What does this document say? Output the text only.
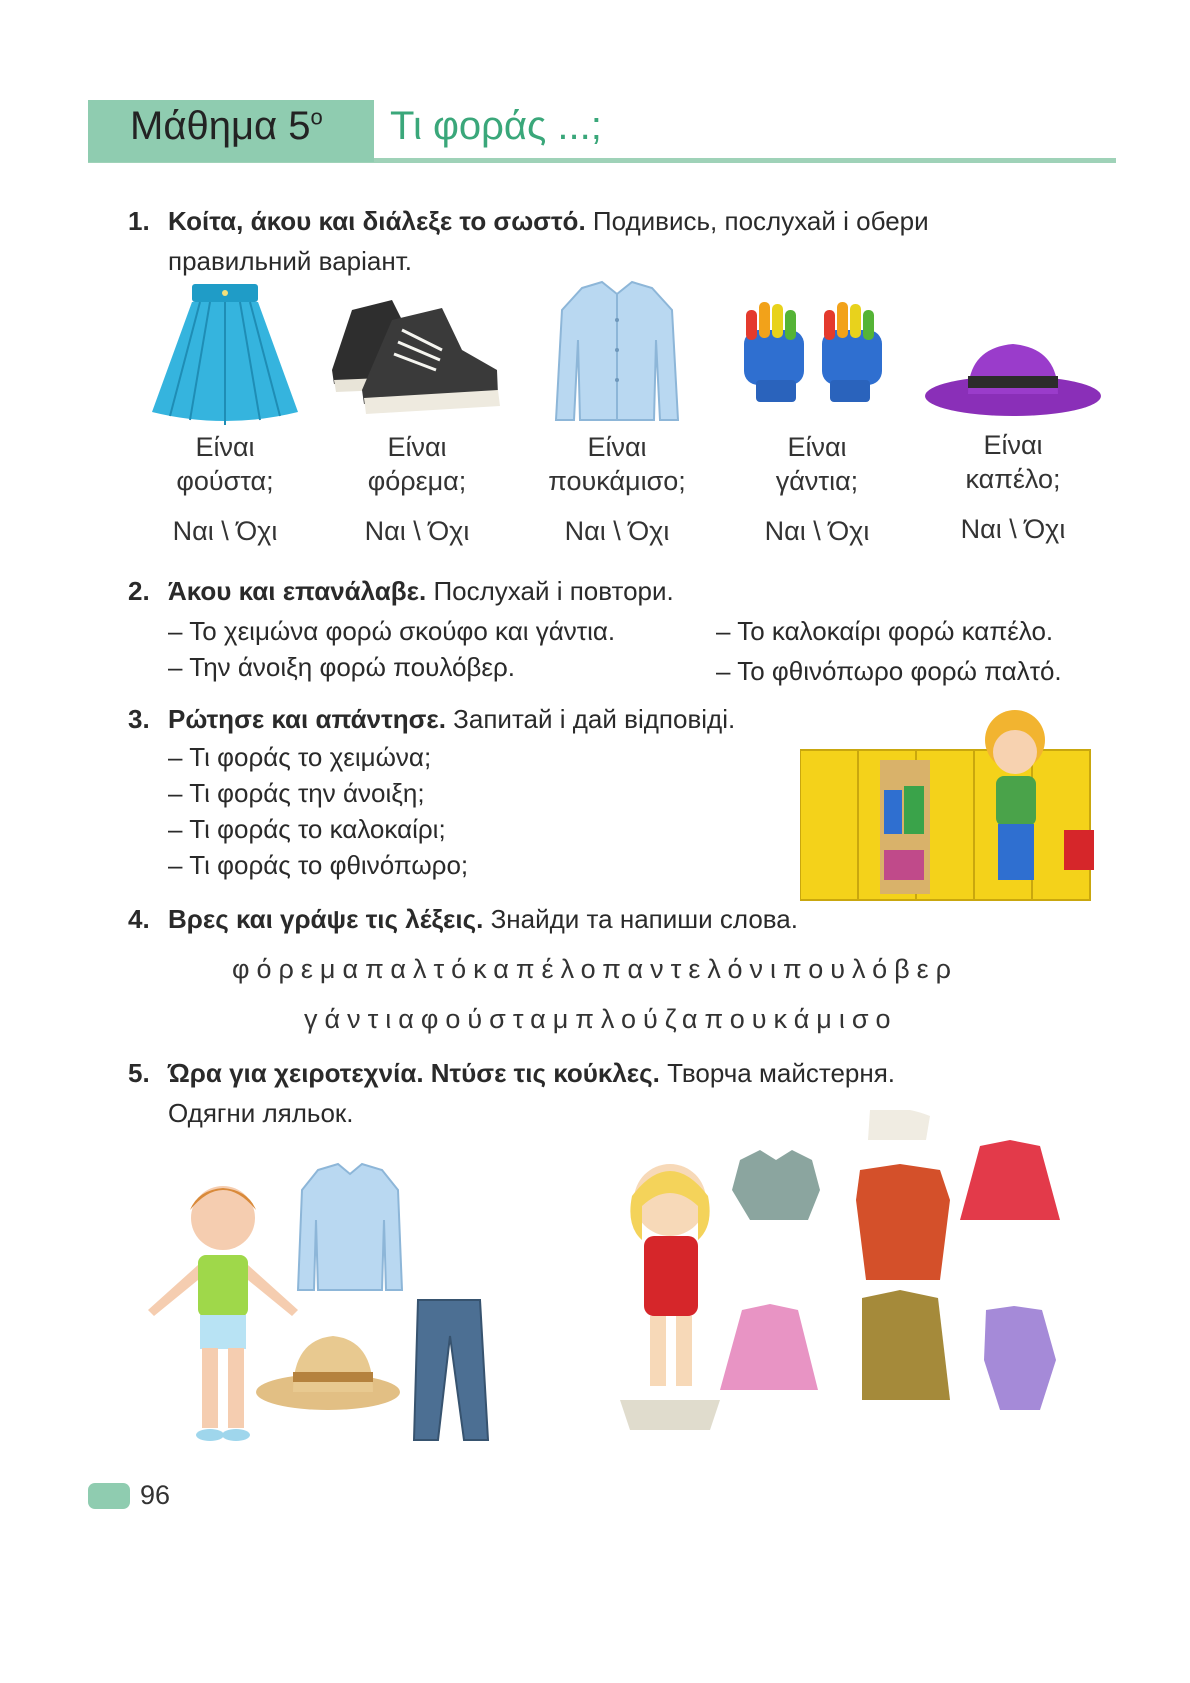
Μάθημα $5^o$ Τι φοράς ...;
1. Κοίτα, άκου και διάλεξε το σωστό. Подивись, послухай і обери
правильний варіант.
Είναι
φούστα;
Ναι \ Όχι
Είναι
φόρεμα;
Ναι \ Όχι
Είναι
πουκάμισο;
Ναι \ Όχι
Είναι
γάντια;
Ναι \ Όχι
Είναι
καπέλο;
Ναι \ Όχι
2. Άκου και επανάλαβε. Послухай і повтори.
– Το χειμώνα φορώ σκούφο και γάντια.
– Την άνοιξη φορώ πουλόβερ.
– Το καλοκαίρι φορώ καπέλο.
– Το φθινόπωρο φορώ παλτό.
3. Ρώτησε και απάντησε. Запитай і дай відповіді.
– Τι φοράς το χειμώνα;
– Τι φοράς την άνοιξη;
– Τι φοράς το καλοκαίρι;
– Τι φοράς το φθινόπωρο;
4. Βρες και γράψε τις λέξεις. Знайди та напиши слова.
φόρεμαπαλτόκαπέλοπαντελόνιπουλόβερ
γάντιαφούσταμπλούζαπουκάμισο
5. Ώρα για χειροτεχνία. Ντύσε τις κούκλες. Творча майстерня.
Одягни ляльок.
96
